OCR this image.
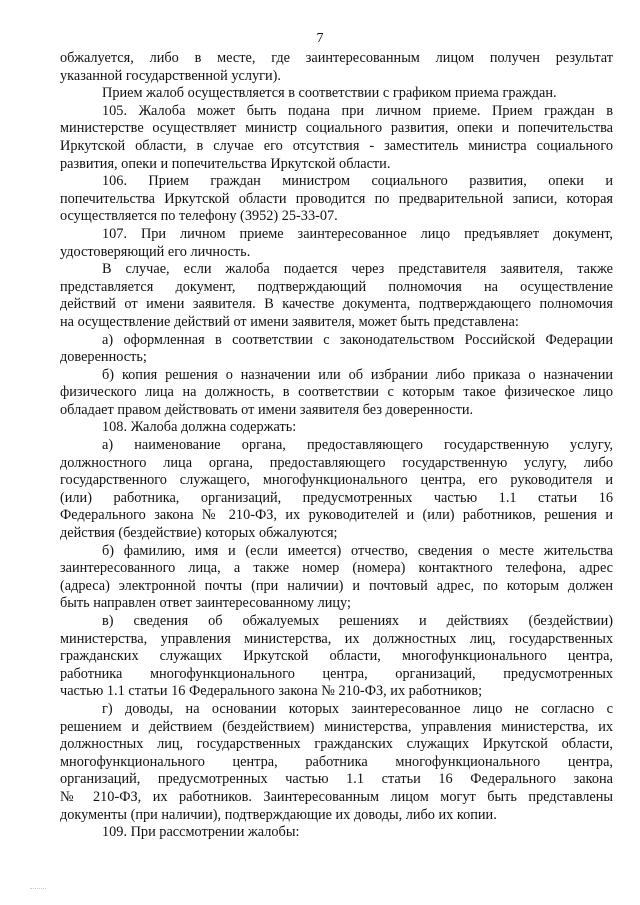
7
обжалуется, либо в месте, где заинтересованным лицом получен результат
указанной государственной услуги).
Прием жалоб осуществляется в соответствии с графиком приема граждан.
105. Жалоба может быть подана при личном приеме. Прием граждан в
министерстве осуществляет министр социального развития, опеки и попечительства
Иркутской области, в случае его отсутствия - заместитель министра социального
развития, опеки и попечительства Иркутской области.
106. Прием граждан министром социального развития, опеки и
попечительства Иркутской области проводится по предварительной записи, которая
осуществляется по телефону (3952) 25-33-07.
107. При личном приеме заинтересованное лицо предъявляет документ,
удостоверяющий его личность.
В случае, если жалоба подается через представителя заявителя, также
представляется документ, подтверждающий полномочия на осуществление
действий от имени заявителя. В качестве документа, подтверждающего полномочия
на осуществление действий от имени заявителя, может быть представлена:
а) оформленная в соответствии с законодательством Российской Федерации
доверенность;
б) копия решения о назначении или об избрании либо приказа о назначении
физического лица на должность, в соответствии с которым такое физическое лицо
обладает правом действовать от имени заявителя без доверенности.
108. Жалоба должна содержать:
а) наименование органа, предоставляющего государственную услугу,
должностного лица органа, предоставляющего государственную услугу, либо
государственного служащего, многофункционального центра, его руководителя и
(или) работника, организаций, предусмотренных частью 1.1 статьи 16
Федерального закона № 210-ФЗ, их руководителей и (или) работников, решения и
действия (бездействие) которых обжалуются;
б) фамилию, имя и (если имеется) отчество, сведения о месте жительства
заинтересованного лица, а также номер (номера) контактного телефона, адрес
(адреса) электронной почты (при наличии) и почтовый адрес, по которым должен
быть направлен ответ заинтересованному лицу;
в) сведения об обжалуемых решениях и действиях (бездействии)
министерства, управления министерства, их должностных лиц, государственных
гражданских служащих Иркутской области, многофункционального центра,
работника многофункционального центра, организаций, предусмотренных
частью 1.1 статьи 16 Федерального закона № 210-ФЗ, их работников;
г) доводы, на основании которых заинтересованное лицо не согласно с
решением и действием (бездействием) министерства, управления министерства, их
должностных лиц, государственных гражданских служащих Иркутской области,
многофункционального центра, работника многофункционального центра,
организаций, предусмотренных частью 1.1 статьи 16 Федерального закона
№ 210-ФЗ, их работников. Заинтересованным лицом могут быть представлены
документы (при наличии), подтверждающие их доводы, либо их копии.
109. При рассмотрении жалобы:
